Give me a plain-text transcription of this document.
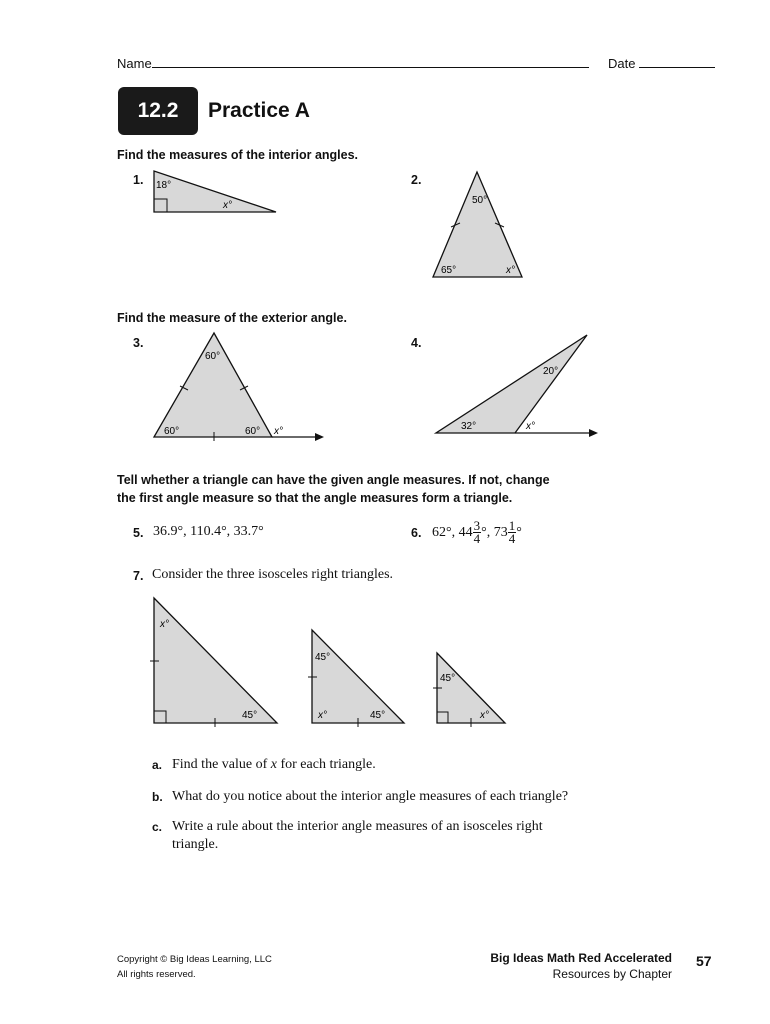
Name	Date
12.2	Practice A
Find the measures of the interior angles.
1.	2.
18°
x°	50°
65°	x°
60°
60°	60° x°
20°
32°	x°
x°
45°
45°
x°	45°
45°
x°
Find the measure of the exterior angle.
3.	4.
Tell whether a triangle can have the given angle measures. If not, change
the first angle measure so that the angle measures form a triangle.
5. 36.9°, 110.4°, 33.7°	6. 62°, $44 \frac{3}{4}$ °, $73 \frac{1}{4}$ °
7. Consider the three isosceles right triangles.
a. Find the value of x for each triangle.
b. What do you notice about the interior angle measures of each triangle?
c. Write a rule about the interior angle measures of an isosceles right
triangle.
Copyright © Big Ideas Learning, LLC
All rights reserved.
Big Ideas Math Red Accelerated
Resources by Chapter
57
